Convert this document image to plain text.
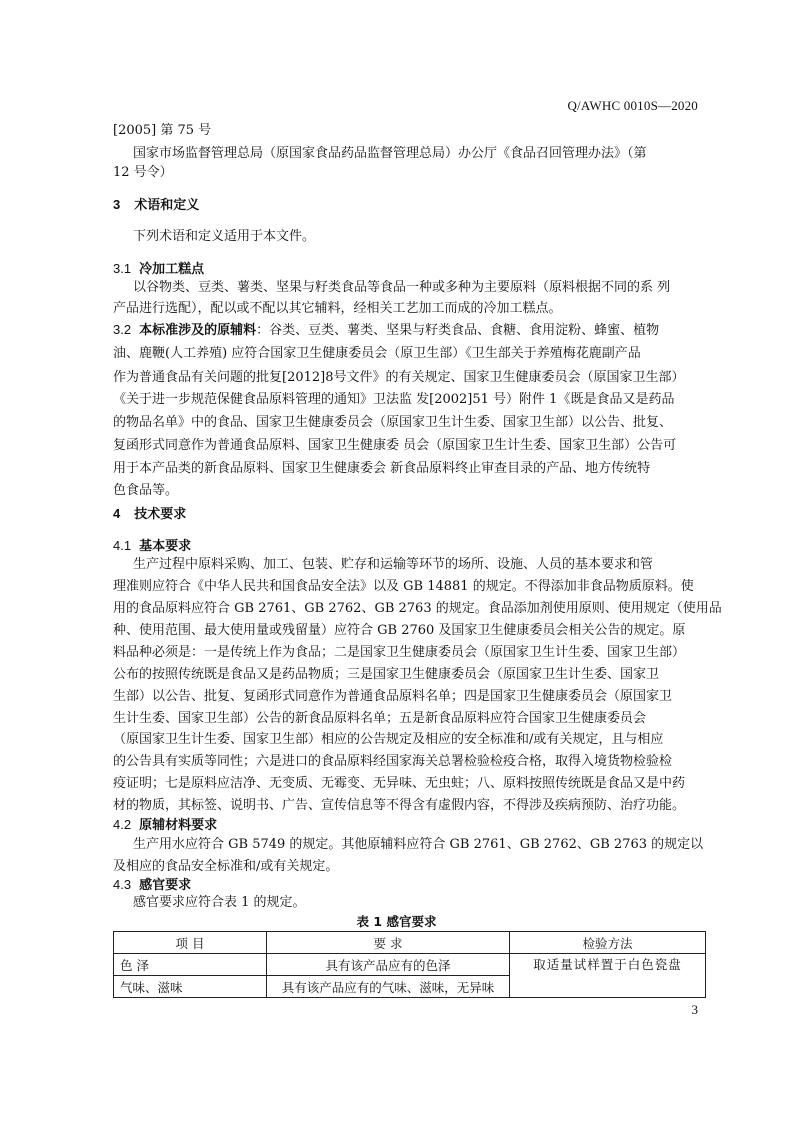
Q/AWHC 0010S—2020
[2005] 第 75 号
国家市场监督管理总局（原国家食品药品监督管理总局）办公厅《食品召回管理办法》（第
12 号令）
3 术语和定义
下列术语和定义适用于本文件。
3.1 冷加工糕点
以谷物类、豆类、薯类、坚果与籽类食品等食品一种或多种为主要原料（原料根据不同的系 列
产品进行选配），配以或不配以其它辅料，经相关工艺加工而成的冷加工糕点。
3.2 本标准涉及的原辅料：谷类、豆类、薯类、坚果与籽类食品、食糖、食用淀粉、蜂蜜、植物
油、鹿鞭(人工养殖) 应符合国家卫生健康委员会（原卫生部）《卫生部关于养殖梅花鹿副产品
作为普通食品有关问题的批复[2012]8号文件》的有关规定、国家卫生健康委员会（原国家卫生部）
《关于进一步规范保健食品原料管理的通知》卫法监 发[2002]51 号）附件 1《既是食品又是药品
的物品名单》中的食品、国家卫生健康委员会（原国家卫生计生委、国家卫生部）以公告、批复、
复函形式同意作为普通食品原料、国家卫生健康委 员会（原国家卫生计生委、国家卫生部）公告可
用于本产品类的新食品原料、国家卫生健康委会 新食品原料终止审查目录的产品、地方传统特
色食品等。
4 技术要求
4.1 基本要求
生产过程中原料采购、加工、包装、贮存和运输等环节的场所、设施、人员的基本要求和管
理准则应符合《中华人民共和国食品安全法》以及 GB 14881 的规定。不得添加非食品物质原料。使
用的食品原料应符合 GB 2761、GB 2762、GB 2763 的规定。食品添加剂使用原则、使用规定（使用品
种、使用范围、最大使用量或残留量）应符合 GB 2760 及国家卫生健康委员会相关公告的规定。原
料品种必须是：一是传统上作为食品；二是国家卫生健康委员会（原国家卫生计生委、国家卫生部）
公布的按照传统既是食品又是药品物质；三是国家卫生健康委员会（原国家卫生计生委、国家卫
生部）以公告、批复、复函形式同意作为普通食品原料名单；四是国家卫生健康委员会（原国家卫
生计生委、国家卫生部）公告的新食品原料名单；五是新食品原料应符合国家卫生健康委员会
（原国家卫生计生委、国家卫生部）相应的公告规定及相应的安全标准和/或有关规定，且与相应
的公告具有实质等同性；六是进口的食品原料经国家海关总署检验检疫合格，取得入境货物检验检
疫证明；七是原料应洁净、无变质、无霉变、无异味、无虫蛀；八、原料按照传统既是食品又是中药
材的物质，其标签、说明书、广告、宣传信息等不得含有虚假内容，不得涉及疾病预防、治疗功能。
4.2 原辅材料要求
生产用水应符合 GB 5749 的规定。其他原辅料应符合 GB 2761、GB 2762、GB 2763 的规定以
及相应的食品安全标准和/或有关规定。
4.3 感官要求
感官要求应符合表 1 的规定。
表 1 感官要求
项 目	要 求	检验方法
色 泽	具有该产品应有的色泽	取适量试样置于白色瓷盘
气味、滋味	具有该产品应有的气味、滋味，无异味	
3
